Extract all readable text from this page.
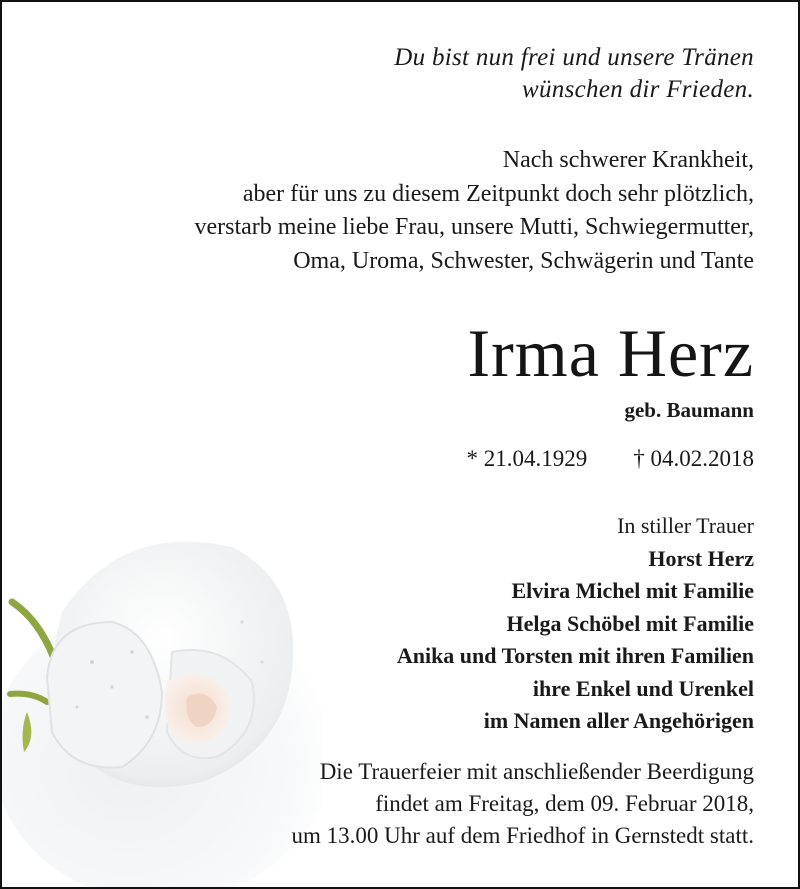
Du bist nun frei und unsere Tränen
wünschen dir Frieden.
Nach schwerer Krankheit,
aber für uns zu diesem Zeitpunkt doch sehr plötzlich,
verstarb meine liebe Frau, unsere Mutti, Schwiegermutter,
Oma, Uroma, Schwester, Schwägerin und Tante
Irma Herz
geb. Baumann
* 21.04.1929 † 04.02.2018
In stiller Trauer
Horst Herz
Elvira Michel mit Familie
Helga Schöbel mit Familie
Anika und Torsten mit ihren Familien
ihre Enkel und Urenkel
im Namen aller Angehörigen
Die Trauerfeier mit anschließender Beerdigung
findet am Freitag, dem 09. Februar 2018,
um 13.00 Uhr auf dem Friedhof in Gernstedt statt.
